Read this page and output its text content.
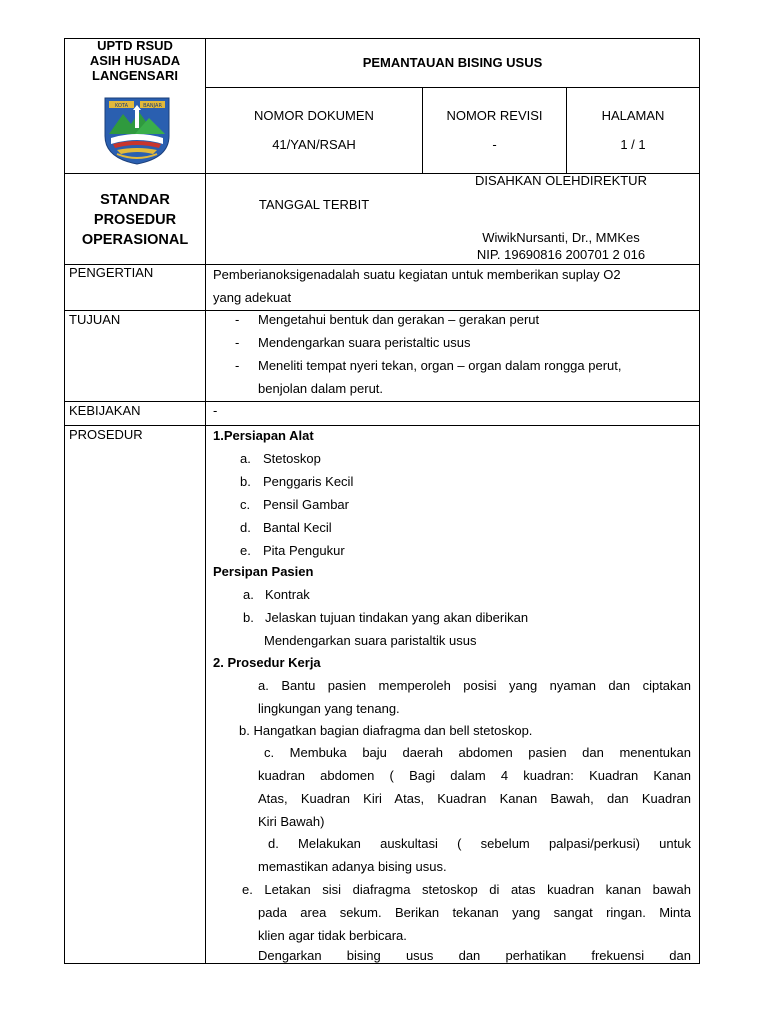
UPTD RSUD
ASIH HUSADA
LANGENSARI
KOTA	BANJAR
PEMANTAUAN BISING USUS
NOMOR DOKUMEN
41/YAN/RSAH
NOMOR REVISI
-
HALAMAN
1 / 1
STANDAR
PROSEDUR
OPERASIONAL
TANGGAL TERBIT
DISAHKAN OLEHDIREKTUR
WiwikNursanti, Dr., MMKes
NIP. 19690816 200701 2 016
PENGERTIAN	Pemberianoksigenadalah suatu kegiatan untuk memberikan suplay O2
yang adekuat
TUJUAN	- Mengetahui bentuk dan gerakan – gerakan perut
- Mendengarkan suara peristaltic usus
- Meneliti tempat nyeri tekan, organ – organ dalam rongga perut,
benjolan dalam perut.
KEBIJAKAN	-
PROSEDUR	1.Persiapan Alat
a. Stetoskop
b. Penggaris Kecil
c. Pensil Gambar
d. Bantal Kecil
e. Pita Pengukur
Persipan Pasien
a. Kontrak
b. Jelaskan tujuan tindakan yang akan diberikan
Mendengarkan suara paristaltik usus
2. Prosedur Kerja
a. Bantu pasien memperoleh posisi yang nyaman dan ciptakan
lingkungan yang tenang.
b. Hangatkan bagian diafragma dan bell stetoskop.
c. Membuka baju daerah abdomen pasien dan menentukan
kuadran abdomen ( Bagi dalam 4 kuadran: Kuadran Kanan
Atas, Kuadran Kiri Atas, Kuadran Kanan Bawah, dan Kuadran
Kiri Bawah)
d. Melakukan auskultasi ( sebelum palpasi/perkusi) untuk
memastikan adanya bising usus.
e. Letakan sisi diafragma stetoskop di atas kuadran kanan bawah
pada area sekum. Berikan tekanan yang sangat ringan. Minta
klien agar tidak berbicara.
Dengarkan bising usus dan perhatikan frekuensi dan
